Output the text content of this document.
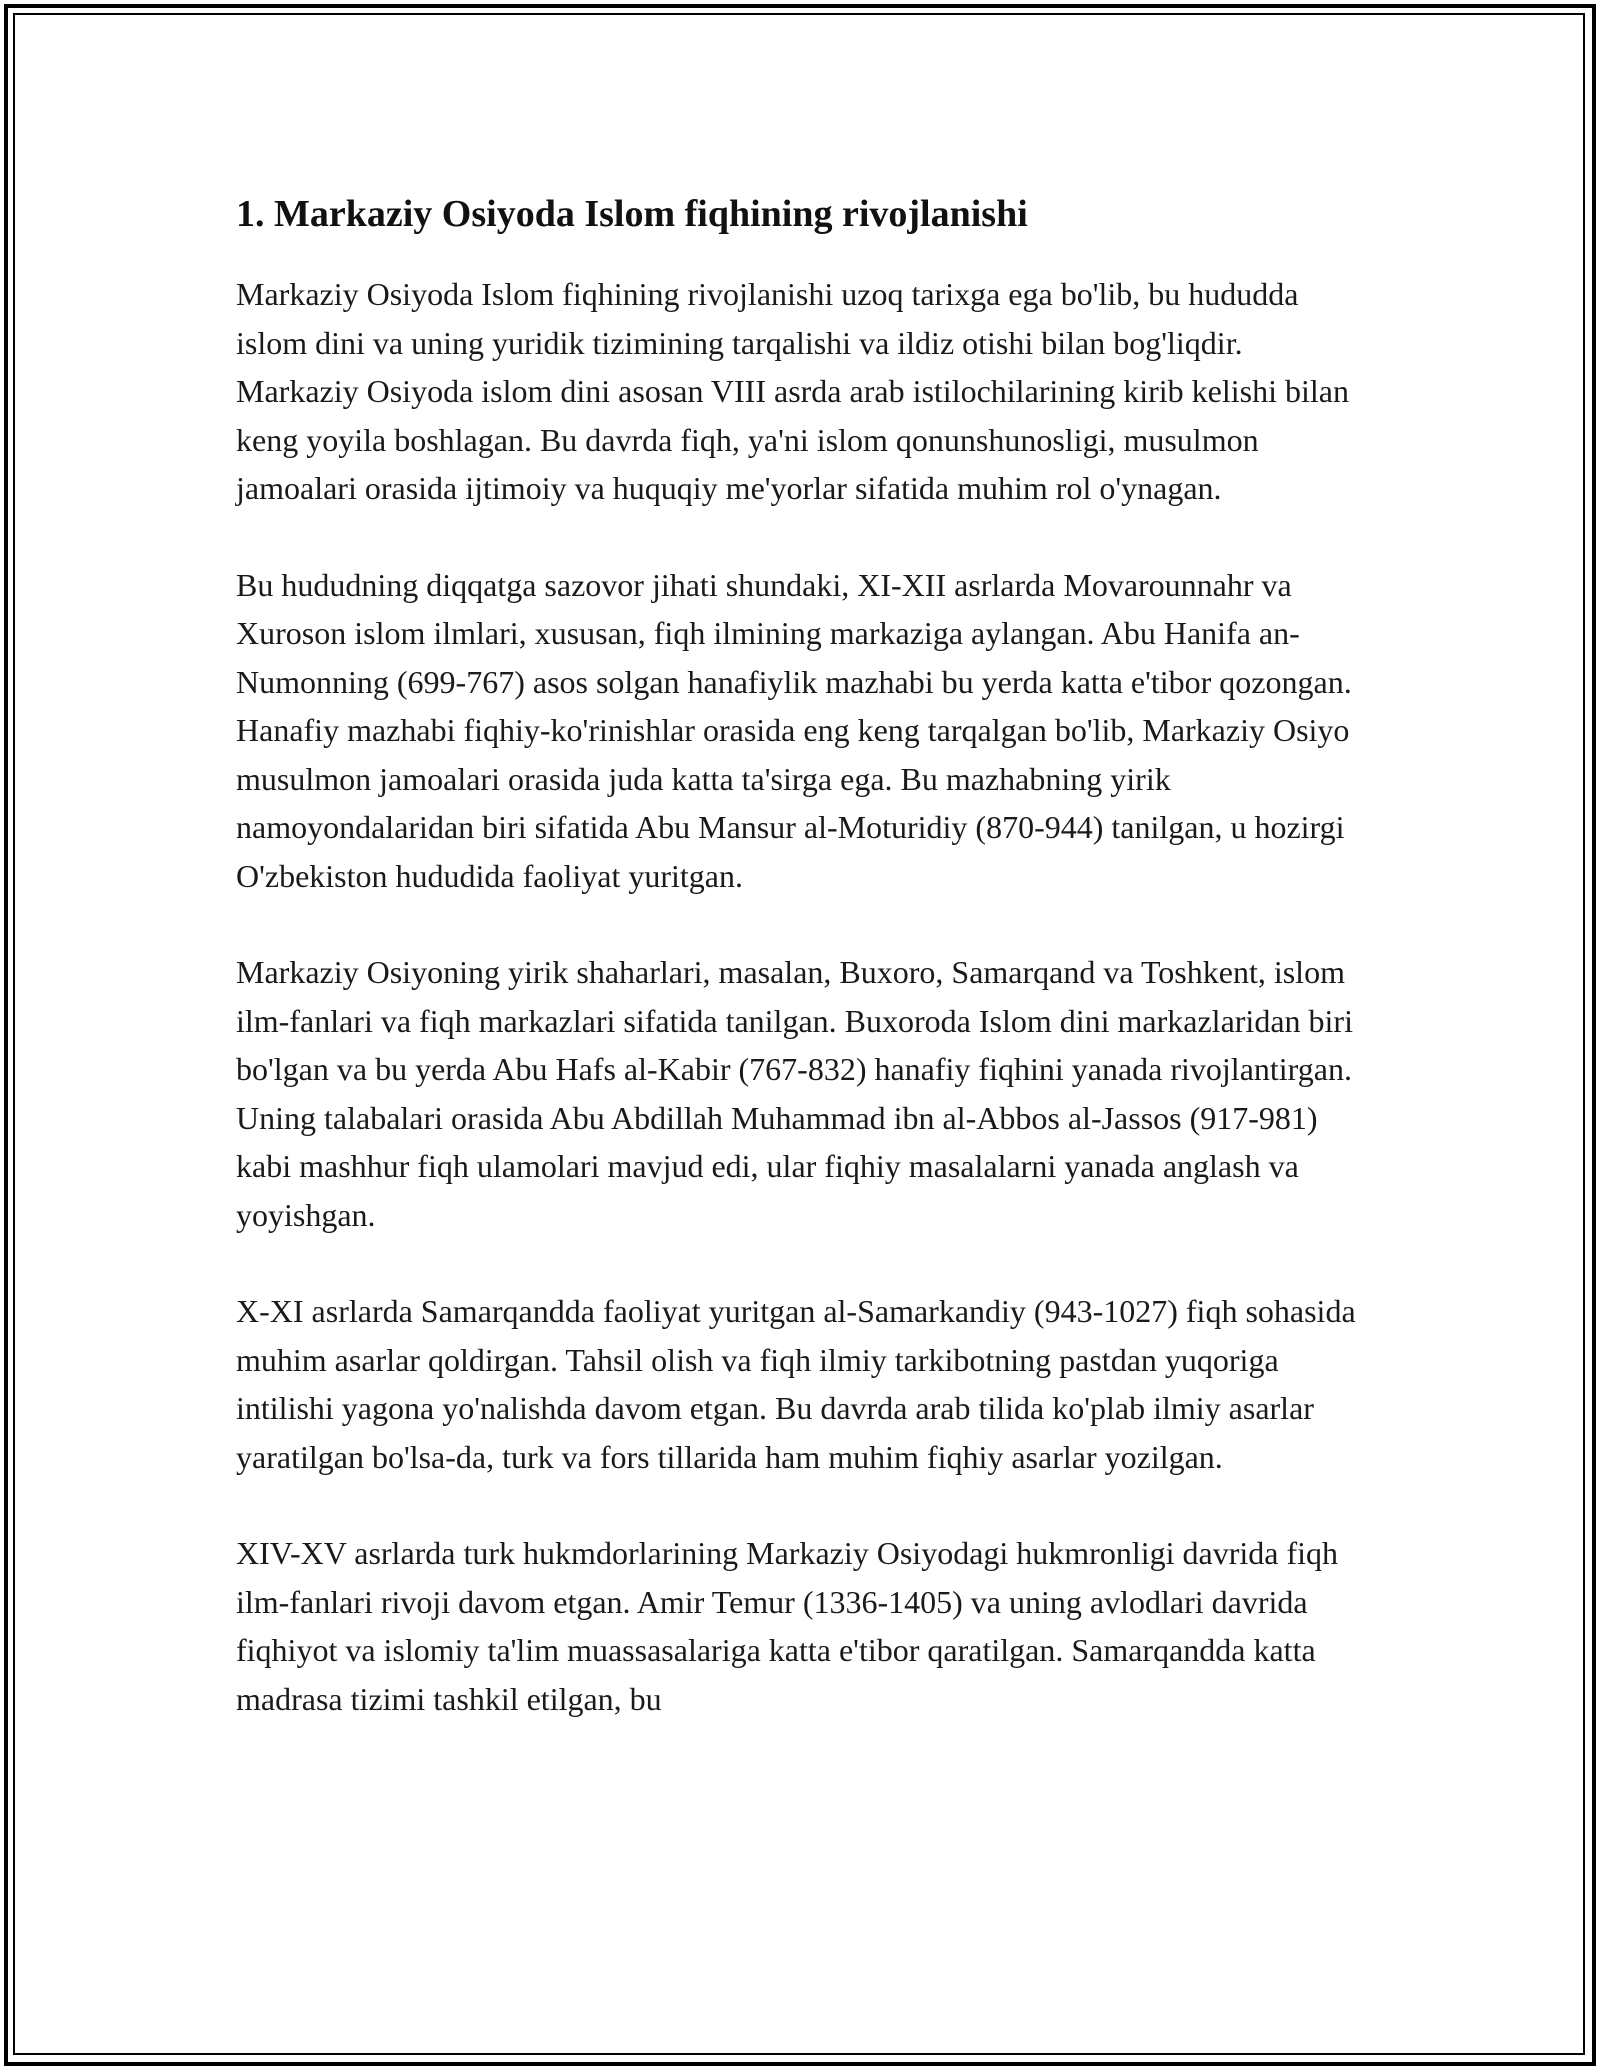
1. Markaziy Osiyoda Islom fiqhining rivojlanishi

Markaziy Osiyoda Islom fiqhining rivojlanishi uzoq tarixga ega bo'lib, bu hududda islom dini va uning yuridik tizimining tarqalishi va ildiz otishi bilan bog'liqdir. Markaziy Osiyoda islom dini asosan VIII asrda arab istilochilarining kirib kelishi bilan keng yoyila boshlagan. Bu davrda fiqh, ya'ni islom qonunshunosligi, musulmon jamoalari orasida ijtimoiy va huquqiy me'yorlar sifatida muhim rol o'ynagan.

Bu hududning diqqatga sazovor jihati shundaki, XI-XII asrlarda Movarounnahr va Xuroson islom ilmlari, xususan, fiqh ilmining markaziga aylangan. Abu Hanifa an-Numonning (699-767) asos solgan hanafiylik mazhabi bu yerda katta e'tibor qozongan. Hanafiy mazhabi fiqhiy-ko'rinishlar orasida eng keng tarqalgan bo'lib, Markaziy Osiyo musulmon jamoalari orasida juda katta ta'sirga ega. Bu mazhabning yirik namoyondalaridan biri sifatida Abu Mansur al-Moturidiy (870-944) tanilgan, u hozirgi O'zbekiston hududida faoliyat yuritgan.

Markaziy Osiyoning yirik shaharlari, masalan, Buxoro, Samarqand va Toshkent, islom ilm-fanlari va fiqh markazlari sifatida tanilgan. Buxoroda Islom dini markazlaridan biri bo'lgan va bu yerda Abu Hafs al-Kabir (767-832) hanafiy fiqhini yanada rivojlantirgan. Uning talabalari orasida Abu Abdillah Muhammad ibn al-Abbos al-Jassos (917-981) kabi mashhur fiqh ulamolari mavjud edi, ular fiqhiy masalalarni yanada anglash va yoyishgan.

X-XI asrlarda Samarqandda faoliyat yuritgan al-Samarkandiy (943-1027) fiqh sohasida muhim asarlar qoldirgan. Tahsil olish va fiqh ilmiy tarkibotning pastdan yuqoriga intilishi yagona yo'nalishda davom etgan. Bu davrda arab tilida ko'plab ilmiy asarlar yaratilgan bo'lsa-da, turk va fors tillarida ham muhim fiqhiy asarlar yozilgan.

XIV-XV asrlarda turk hukmdorlarining Markaziy Osiyodagi hukmronligi davrida fiqh ilm-fanlari rivoji davom etgan. Amir Temur (1336-1405) va uning avlodlari davrida fiqhiyot va islomiy ta'lim muassasalariga katta e'tibor qaratilgan. Samarqandda katta madrasa tizimi tashkil etilgan, bu
